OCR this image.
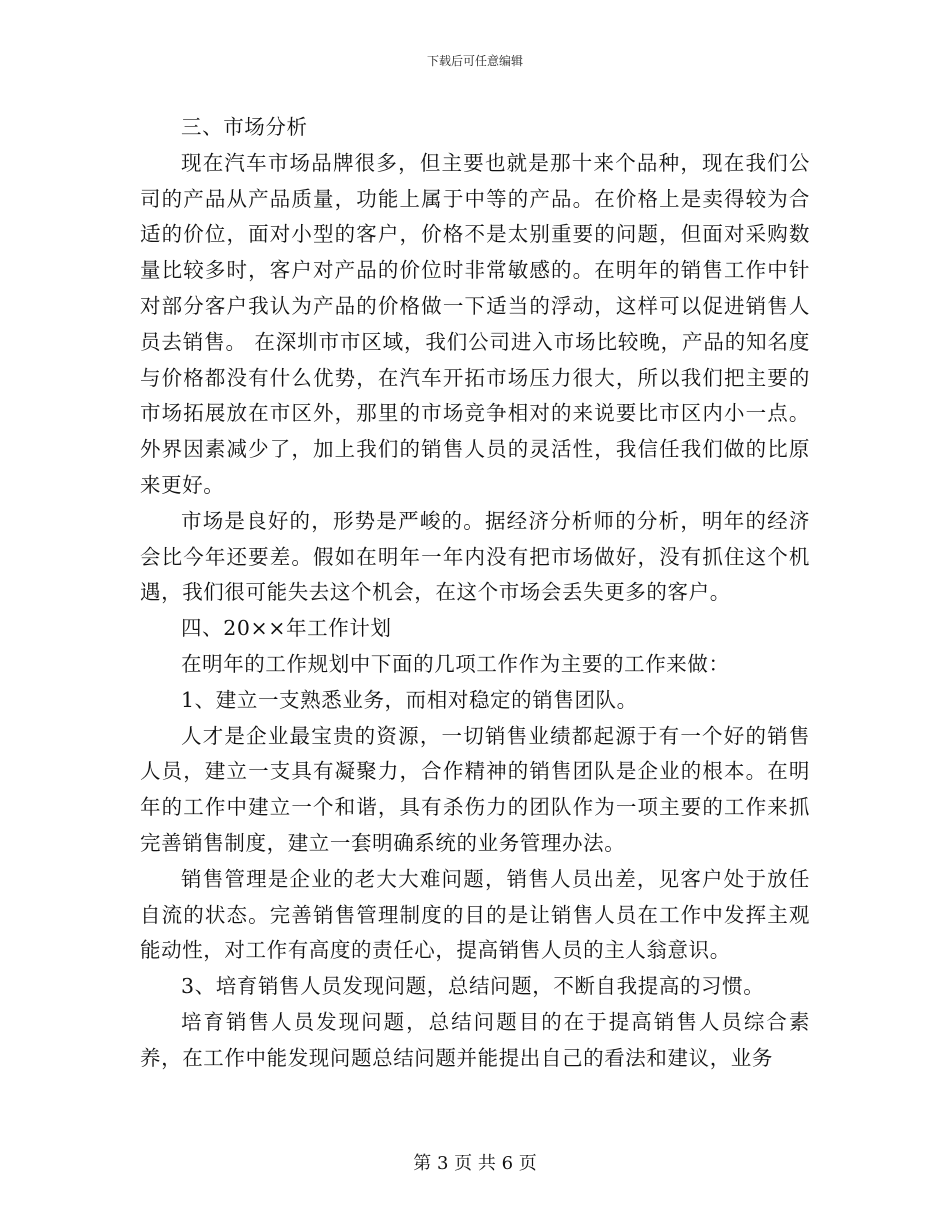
下载后可任意编辑

三、市场分析

现在汽车市场品牌很多，但主要也就是那十来个品种，现在我们公司的产品从产品质量，功能上属于中等的产品。在价格上是卖得较为合适的价位，面对小型的客户，价格不是太别重要的问题，但面对采购数量比较多时，客户对产品的价位时非常敏感的。在明年的销售工作中针对部分客户我认为产品的价格做一下适当的浮动，这样可以促进销售人员去销售。 在深圳市市区域，我们公司进入市场比较晚，产品的知名度与价格都没有什么优势，在汽车开拓市场压力很大，所以我们把主要的市场拓展放在市区外，那里的市场竞争相对的来说要比市区内小一点。外界因素减少了，加上我们的销售人员的灵活性，我信任我们做的比原来更好。

市场是良好的，形势是严峻的。据经济分析师的分析，明年的经济会比今年还要差。假如在明年一年内没有把市场做好，没有抓住这个机遇，我们很可能失去这个机会，在这个市场会丢失更多的客户。

四、20××年工作计划

在明年的工作规划中下面的几项工作作为主要的工作来做：

1、建立一支熟悉业务，而相对稳定的销售团队。

人才是企业最宝贵的资源，一切销售业绩都起源于有一个好的销售人员，建立一支具有凝聚力，合作精神的销售团队是企业的根本。在明年的工作中建立一个和谐，具有杀伤力的团队作为一项主要的工作来抓完善销售制度，建立一套明确系统的业务管理办法。

销售管理是企业的老大大难问题，销售人员出差，见客户处于放任自流的状态。完善销售管理制度的目的是让销售人员在工作中发挥主观能动性，对工作有高度的责任心，提高销售人员的主人翁意识。

3、培育销售人员发现问题，总结问题，不断自我提高的习惯。

培育销售人员发现问题，总结问题目的在于提高销售人员综合素养，在工作中能发现问题总结问题并能提出自己的看法和建议，业务

第 3 页 共 6 页
